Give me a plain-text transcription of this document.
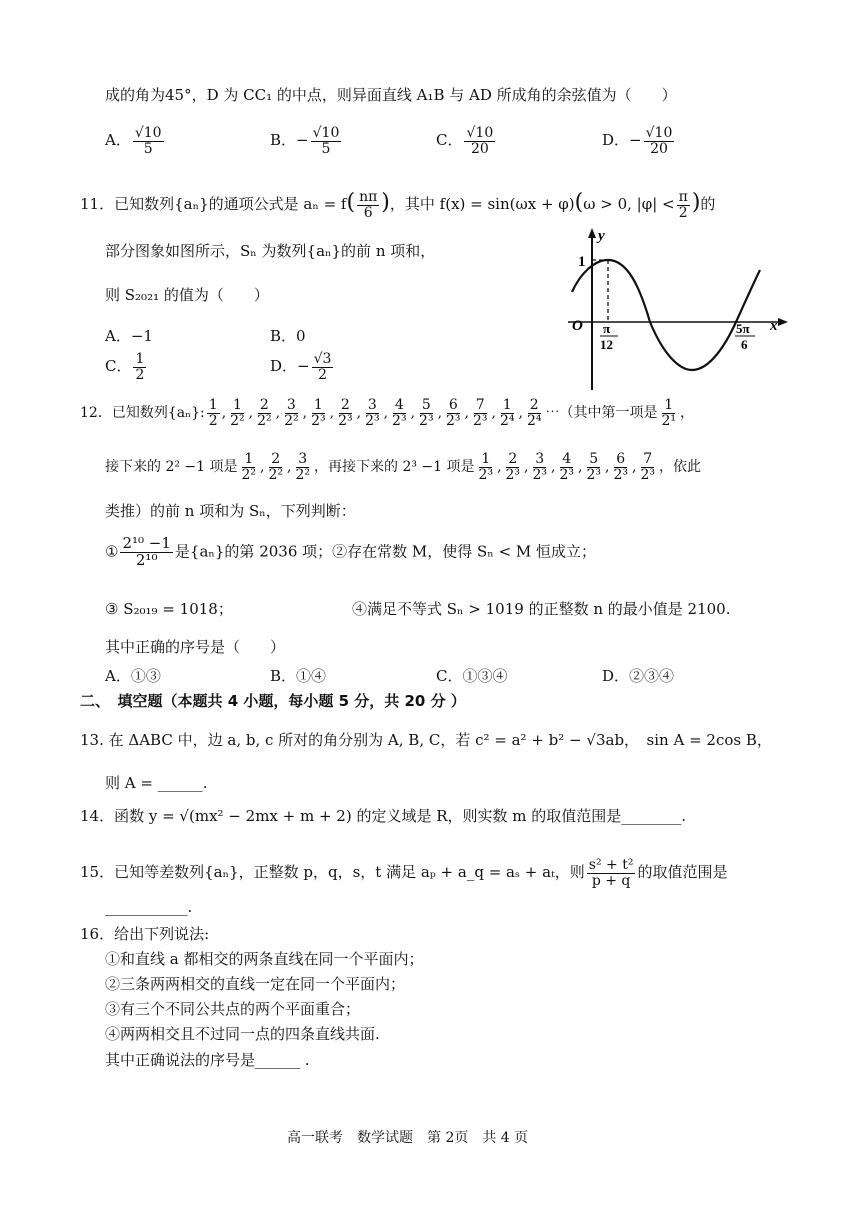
成的角为45°，D 为 CC₁ 的中点，则异面直线 A₁B 与 AD 所成角的余弦值为（　　）
A． $\frac{√10}{5}$	B．− $\frac{√10}{5}$	C． $\frac{√10}{20}$	D．− $\frac{√10}{20}$
11．已知数列{aₙ}的通项公式是 $a_n = f( \frac{n\pi}{6}$ )，其中 f(x) = sin(ωx + φ)(ω > 0, $|\varphi| < \frac{\pi}{2}$ )的
部分图象如图所示，Sₙ 为数列{aₙ}的前 n 项和，
则 S₂₀₂₁ 的值为（　　）
A．−1	B．0
C． $\frac{1}{2}$	D．− $\frac{√3}{2}$
y
1
O	x
π
12
5π
6
12．已知数列{aₙ}: $\frac{1}{2}$ , $\frac{1}{\text{2²}}$ , $\frac{2}{\text{2²}}$ , $\frac{3}{\text{2²}}$ , $\frac{1}{\text{2³}}$ , $\frac{2}{\text{2³}}$ , $\frac{3}{\text{2³}}$ , $\frac{4}{\text{2³}}$ , $\frac{5}{\text{2³}}$ , $\frac{6}{\text{2³}}$ , $\frac{7}{\text{2³}}$ , $\frac{1}{\text{2⁴}}$ , $\frac{2}{\text{2⁴}}$ ⋯（其中第一项是 $\frac{1}{\text{2¹}}$ ，
接下来的 2² −1 项是 $\frac{1}{\text{2²}}$ , $\frac{2}{\text{2²}}$ , $\frac{3}{\text{2²}}$ ，再接下来的 2³ −1 项是 $\frac{1}{\text{2³}}$ , $\frac{2}{\text{2³}}$ , $\frac{3}{\text{2³}}$ , $\frac{4}{\text{2³}}$ , $\frac{5}{\text{2³}}$ , $\frac{6}{\text{2³}}$ , $\frac{7}{\text{2³}}$ ，依此
类推）的前 n 项和为 Sₙ，下列判断：
① $\frac{\text{2¹⁰ −1}}{\text{2¹⁰}}$ 是{aₙ}的第 2036 项；②存在常数 M，使得 Sₙ < M 恒成立；
③ S₂₀₁₉ = 1018；	④满足不等式 Sₙ > 1019 的正整数 n 的最小值是 2100.
其中正确的序号是（　　）
A．①③	B．①④	C．①③④	D．②③④
二、　填空题（本题共 4 小题，每小题 5 分，共 20 分 ）
13. 在 ΔABC 中，边 a, b, c 所对的角分别为 A, B, C，若 c² = a² + b² − √3ab，　sin A = 2cos B，
则 A = ______.
14．函数 y = √(mx² − 2mx + m + 2) 的定义域是 R，则实数 m 的取值范围是________.
15．已知等差数列{aₙ}，正整数 p，q，s，t 满足 aₚ + a_q = aₛ + aₜ，则 $\frac{\text{s² + t²}}{p + q}$ 的取值范围是
___________.
16．给出下列说法:
①和直线 a 都相交的两条直线在同一个平面内；
②三条两两相交的直线一定在同一个平面内；
③有三个不同公共点的两个平面重合；
④两两相交且不过同一点的四条直线共面.
其中正确说法的序号是______ .
高一联考　数学试题　第 2页　共 4 页
